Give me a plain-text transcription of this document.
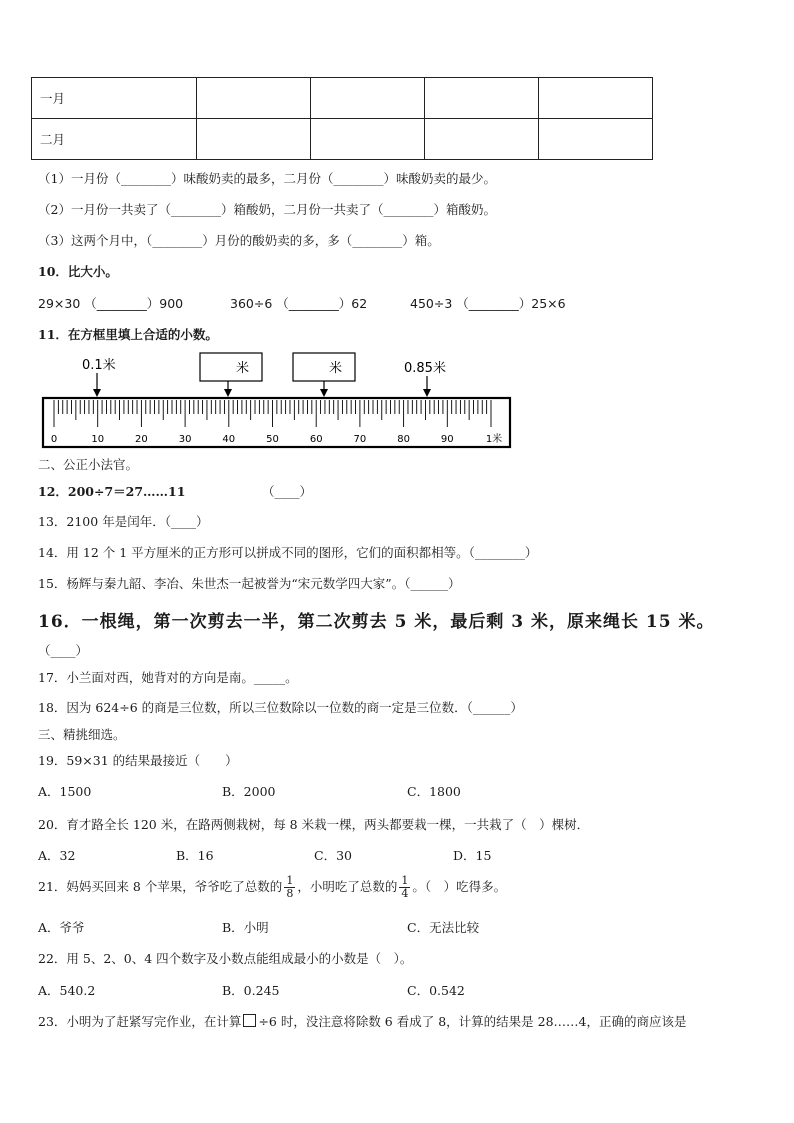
一月				
二月				
（1）一月份（________）味酸奶卖的最多，二月份（________）味酸奶卖的最少。
（2）一月份一共卖了（________）箱酸奶，二月份一共卖了（________）箱酸奶。
（3）这两个月中，（________）月份的酸奶卖的多，多（________）箱。
10．比大小。
29×30 （________）900	360÷6 （________）62	450÷3 （________）25×6
11．在方框里填上合适的小数。
0.1米	米	米	0.85米
0	10	20	30	40	50	60	70	80	90	1米
二、公正小法官。
12．200÷7＝27……11	（____）
13．2100 年是闰年．（____）
14．用 12 个 1 平方厘米的正方形可以拼成不同的图形，它们的面积都相等。（________）
15．杨辉与秦九韶、李冶、朱世杰一起被誉为“宋元数学四大家”。（______）
16．一根绳，第一次剪去一半，第二次剪去 5 米，最后剩 3 米，原来绳长 15 米。
（____）
17．小兰面对西，她背对的方向是南。_____。
18．因为 624÷6 的商是三位数，所以三位数除以一位数的商一定是三位数．（______）
三、精挑细选。
19．59×31 的结果最接近（　　）
A．1500	B．2000	C．1800
20．育才路全长 120 米，在路两侧栽树，每 8 米栽一棵，两头都要栽一棵，一共栽了（　）棵树．
A．32	B．16	C．30	D．15
21．妈妈买回来 8 个苹果，爷爷吃了总数的 $\frac{1}{8}$ ，小明吃了总数的 $\frac{1}{4}$ 。（　）吃得多。
A．爷爷	B．小明	C．无法比较
22．用 5、2、0、4 四个数字及小数点能组成最小的小数是（　）。
A．540.2	B．0.245	C．0.542
23．小明为了赶紧写完作业，在计算 ÷6 时，没注意将除数 6 看成了 8，计算的结果是 28……4，正确的商应该是
